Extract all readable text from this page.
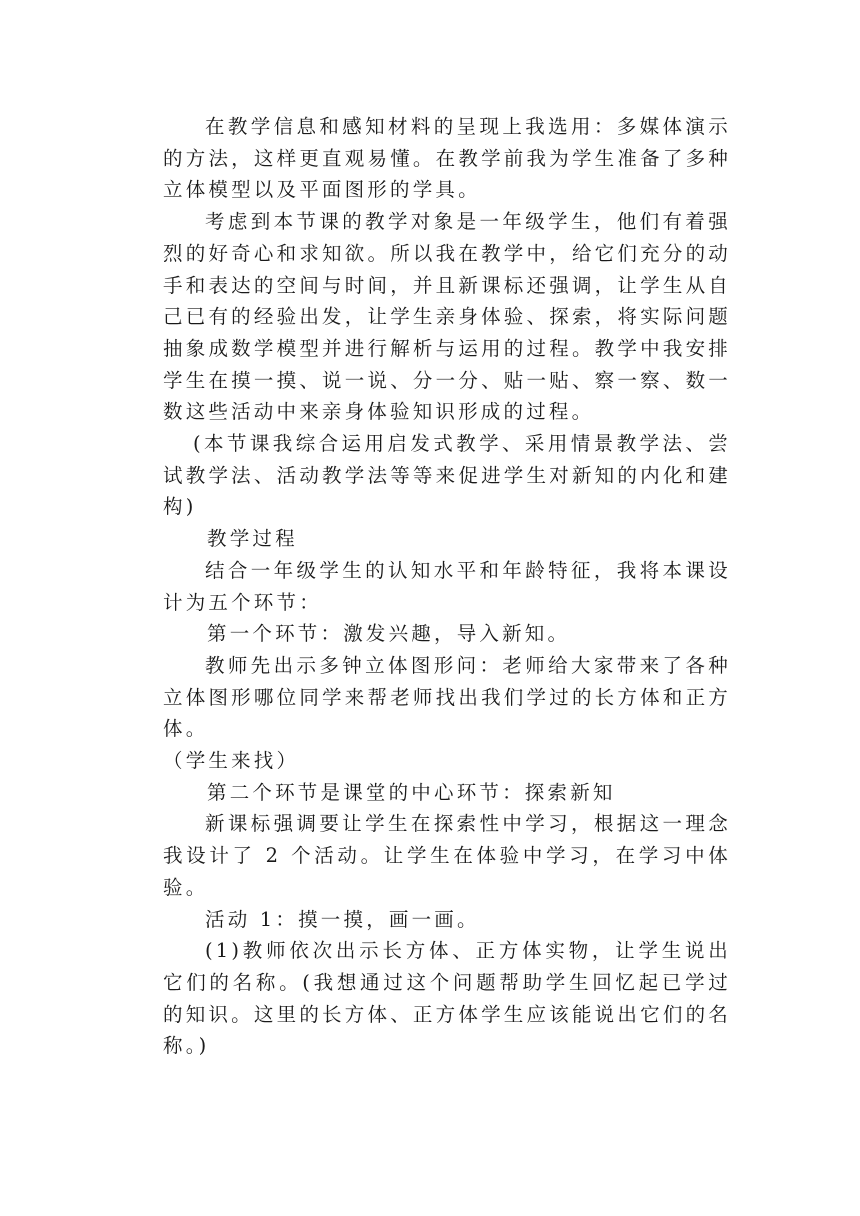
在教学信息和感知材料的呈现上我选用：多媒体演示的方法，这样更直观易懂。在教学前我为学生准备了多种立体模型以及平面图形的学具。

考虑到本节课的教学对象是一年级学生，他们有着强烈的好奇心和求知欲。所以我在教学中，给它们充分的动手和表达的空间与时间，并且新课标还强调，让学生从自己已有的经验出发，让学生亲身体验、探索，将实际问题抽象成数学模型并进行解析与运用的过程。教学中我安排学生在摸一摸、说一说、分一分、贴一贴、察一察、数一数这些活动中来亲身体验知识形成的过程。

(本节课我综合运用启发式教学、采用情景教学法、尝试教学法、活动教学法等等来促进学生对新知的内化和建构)

教学过程

结合一年级学生的认知水平和年龄特征，我将本课设计为五个环节：

第一个环节：激发兴趣，导入新知。

教师先出示多钟立体图形问：老师给大家带来了各种立体图形哪位同学来帮老师找出我们学过的长方体和正方体。

（学生来找）

第二个环节是课堂的中心环节：探索新知

新课标强调要让学生在探索性中学习，根据这一理念我设计了 2 个活动。让学生在体验中学习，在学习中体验。

活动 1：摸一摸，画一画。

(1)教师依次出示长方体、正方体实物，让学生说出它们的名称。(我想通过这个问题帮助学生回忆起已学过的知识。这里的长方体、正方体学生应该能说出它们的名称。)
